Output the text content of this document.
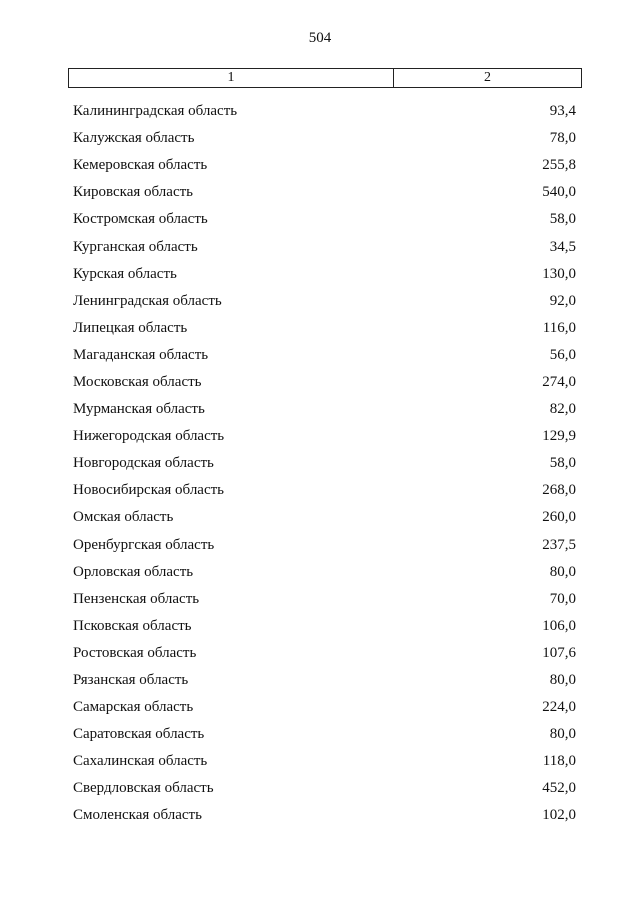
504
1	2
Калининградская область	93,4
Калужская область	78,0
Кемеровская область	255,8
Кировская область	540,0
Костромская область	58,0
Курганская область	34,5
Курская область	130,0
Ленинградская область	92,0
Липецкая область	116,0
Магаданская область	56,0
Московская область	274,0
Мурманская область	82,0
Нижегородская область	129,9
Новгородская область	58,0
Новосибирская область	268,0
Омская область	260,0
Оренбургская область	237,5
Орловская область	80,0
Пензенская область	70,0
Псковская область	106,0
Ростовская область	107,6
Рязанская область	80,0
Самарская область	224,0
Саратовская область	80,0
Сахалинская область	118,0
Свердловская область	452,0
Смоленская область	102,0
